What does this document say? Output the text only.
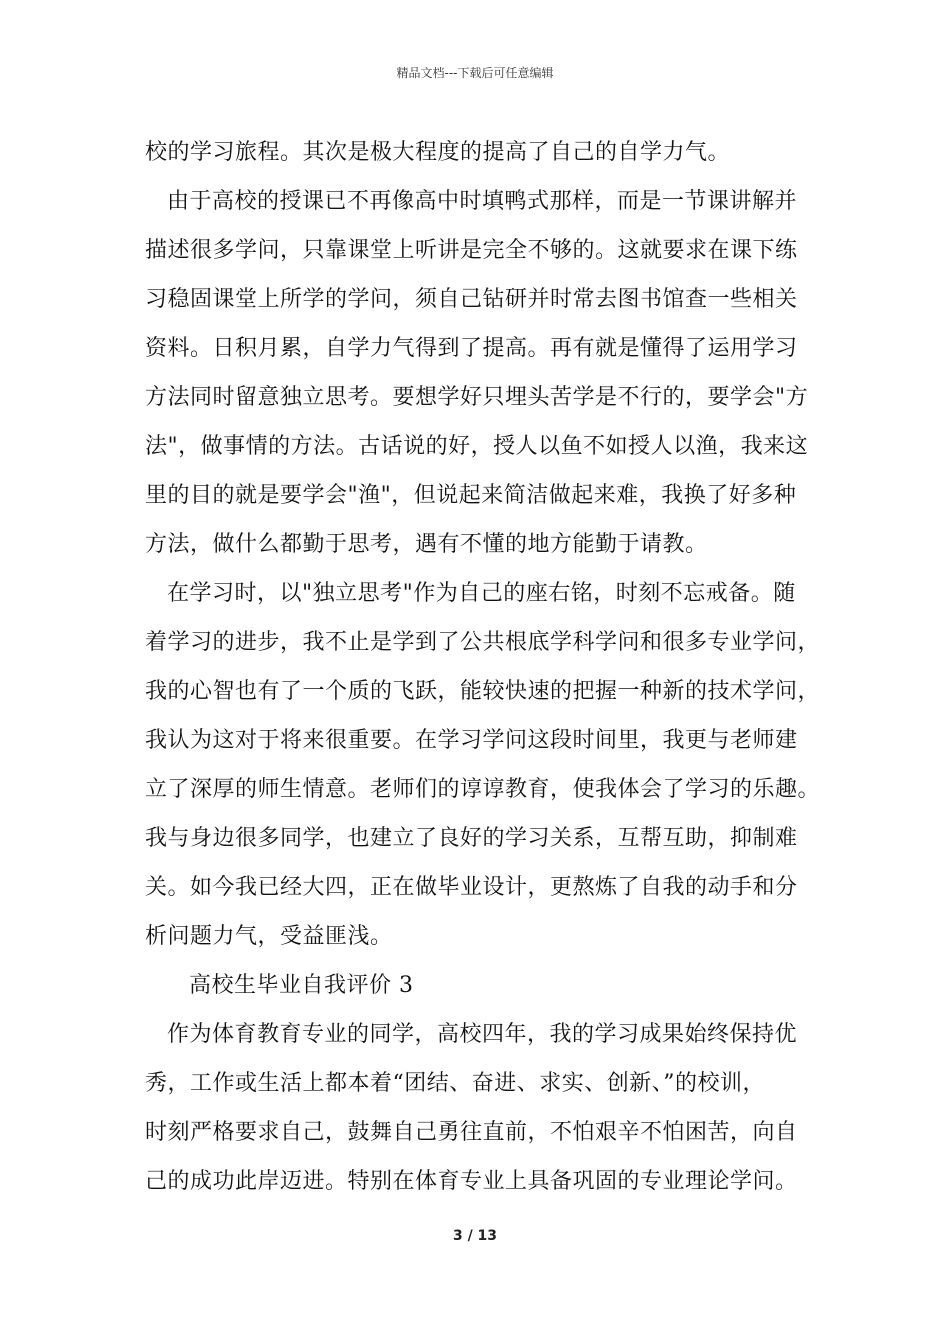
精品文档---下载后可任意编辑
校的学习旅程。其次是极大程度的提高了自己的自学力气。
由于高校的授课已不再像高中时填鸭式那样，而是一节课讲解并
描述很多学问，只靠课堂上听讲是完全不够的。这就要求在课下练
习稳固课堂上所学的学问，须自己钻研并时常去图书馆查一些相关
资料。日积月累，自学力气得到了提高。再有就是懂得了运用学习
方法同时留意独立思考。要想学好只埋头苦学是不行的，要学会"方
法"，做事情的方法。古话说的好，授人以鱼不如授人以渔，我来这
里的目的就是要学会"渔"，但说起来简洁做起来难，我换了好多种
方法，做什么都勤于思考，遇有不懂的地方能勤于请教。
在学习时，以"独立思考"作为自己的座右铭，时刻不忘戒备。随
着学习的进步，我不止是学到了公共根底学科学问和很多专业学问，
我的心智也有了一个质的飞跃，能较快速的把握一种新的技术学问，
我认为这对于将来很重要。在学习学问这段时间里，我更与老师建
立了深厚的师生情意。老师们的谆谆教育，使我体会了学习的乐趣。
我与身边很多同学，也建立了良好的学习关系，互帮互助，抑制难
关。如今我已经大四，正在做毕业设计，更熬炼了自我的动手和分
析问题力气，受益匪浅。
高校生毕业自我评价 3
作为体育教育专业的同学，高校四年，我的学习成果始终保持优
秀，工作或生活上都本着“团结、奋进、求实、创新、”的校训，
时刻严格要求自己，鼓舞自己勇往直前，不怕艰辛不怕困苦，向自
己的成功此岸迈进。特别在体育专业上具备巩固的专业理论学问。
3 / 13
